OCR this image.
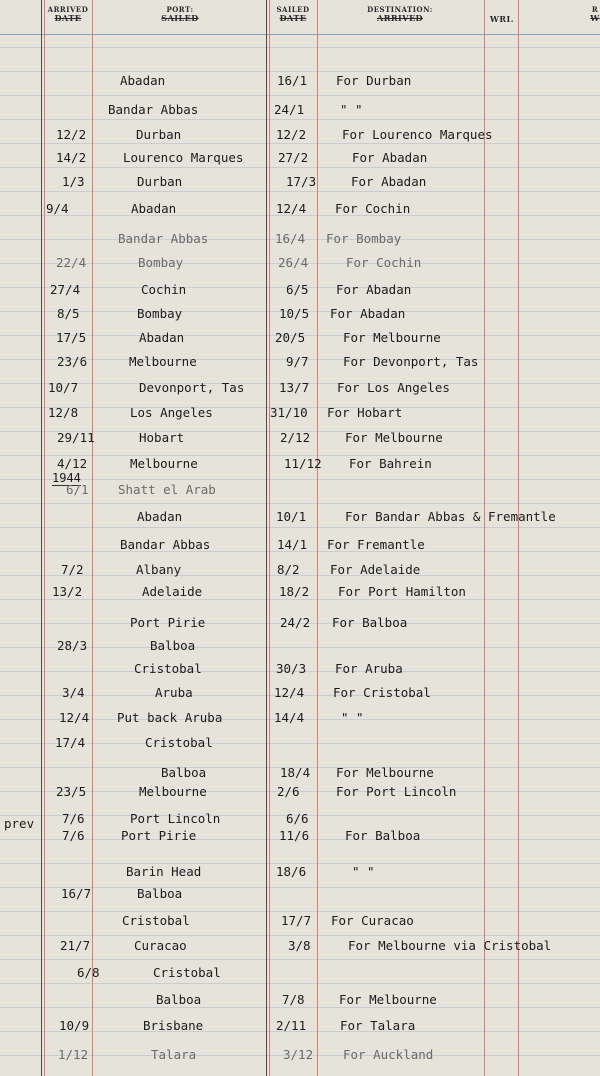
ARRIVED
DATE
PORT:
SAILED
SAILED
DATE
DESTINATION:
ARRIVED	WRI.
R
W
prev
1944
Abadan	16/1 For Durban
Bandar Abbas	24/1	" "
12/2	Durban	12/2	For Lourenco Marques
14/2	Lourenco Marques	27/2	For Abadan
1/3	Durban	17/3	For Abadan
9/4	Abadan	12/4 For Cochin
Bandar Abbas	16/4 For Bombay
22/4	Bombay	26/4	For Cochin
27/4	Cochin	6/5 For Abadan
8/5	Bombay	10/5 For Abadan
17/5	Abadan	20/5	For Melbourne
23/6	Melbourne	9/7	For Devonport, Tas
10/7	Devonport, Tas	13/7 For Los Angeles
12/8	Los Angeles	31/10 For Hobart
29/11	Hobart	2/12	For Melbourne
4/12	Melbourne	11/12 For Bahrein
6/1 Shatt el Arab
Abadan	10/1	For Bandar Abbas & Fremantle
Bandar Abbas	14/1 For Fremantle
7/2	Albany	8/2 For Adelaide
13/2	Adelaide	18/2 For Port Hamilton
Port Pirie	24/2 For Balboa
28/3	Balboa
Cristobal	30/3 For Aruba
3/4	Aruba	12/4 For Cristobal
12/4 Put back Aruba	14/4	" "
17/4	Cristobal
Balboa	18/4 For Melbourne
23/5	Melbourne	2/6	For Port Lincoln
7/6	Port Lincoln	6/6
7/6	Port Pirie	11/6	For Balboa
Barin Head	18/6	" "
16/7	Balboa
Cristobal	17/7 For Curacao
21/7	Curacao	3/8	For Melbourne via Cristobal
6/8	Cristobal
Balboa	7/8	For Melbourne
10/9	Brisbane	2/11	For Talara
1/12	Talara	3/12 For Auckland
